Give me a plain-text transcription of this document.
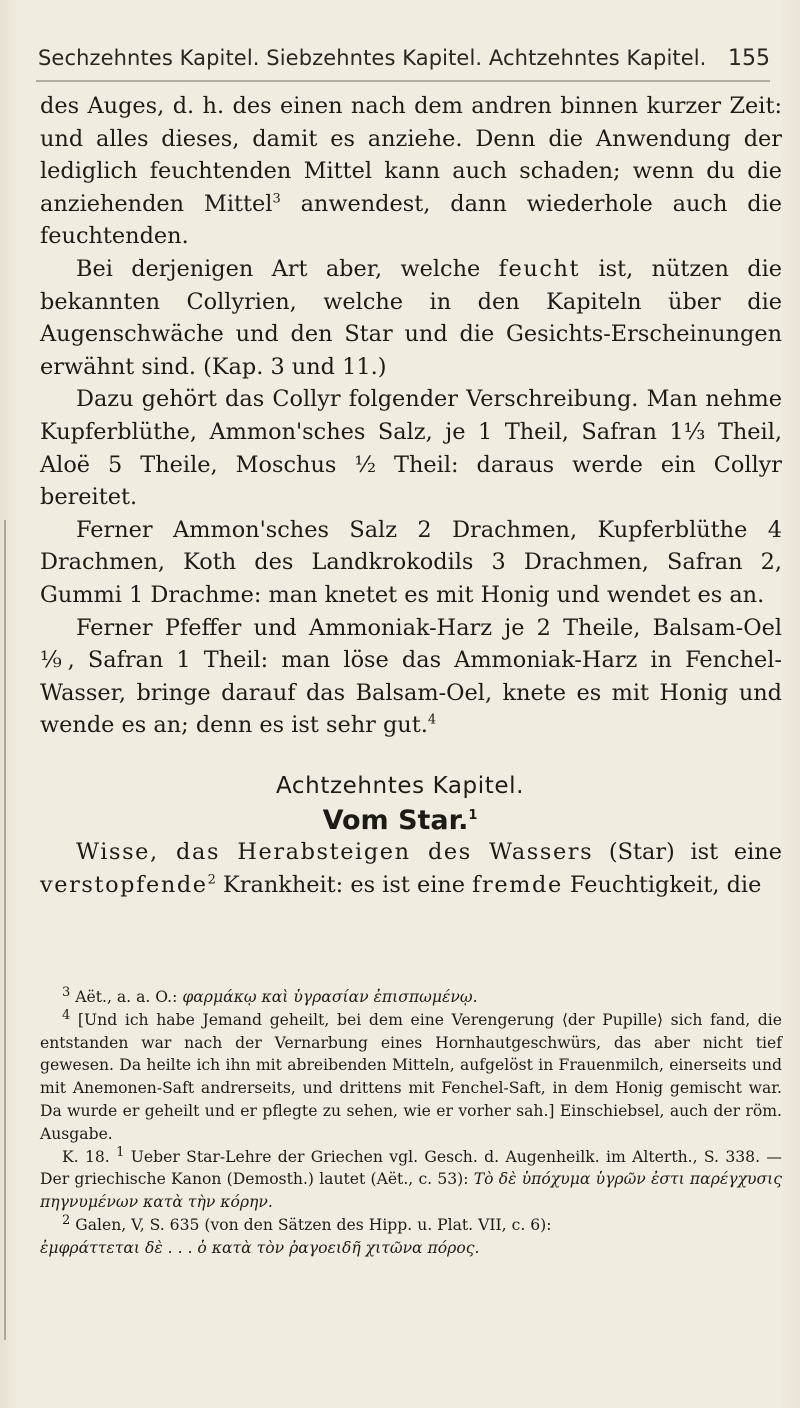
Sechzehntes Kapitel. Siebzehntes Kapitel. Achtzehntes Kapitel. 155

des Auges, d. h. des einen nach dem andren binnen kurzer Zeit: und alles dieses, damit es anziehe. Denn die Anwendung der lediglich feuchtenden Mittel kann auch schaden; wenn du die anziehenden Mittel$^3$ anwendest, dann wiederhole auch die feuchtenden.

Bei derjenigen Art aber, welche feucht ist, nützen die bekannten Collyrien, welche in den Kapiteln über die Augenschwäche und den Star und die Gesichts-Erscheinungen erwähnt sind. (Kap. 3 und 11.)

Dazu gehört das Collyr folgender Verschreibung. Man nehme Kupferblüthe, Ammon'sches Salz, je 1 Theil, Safran 1⅓ Theil, Aloë 5 Theile, Moschus ½ Theil: daraus werde ein Collyr bereitet.

Ferner Ammon'sches Salz 2 Drachmen, Kupferblüthe 4 Drachmen, Koth des Landkrokodils 3 Drachmen, Safran 2, Gummi 1 Drachme: man knetet es mit Honig und wendet es an.

Ferner Pfeffer und Ammoniak-Harz je 2 Theile, Balsam-Oel ⅑, Safran 1 Theil: man löse das Ammoniak-Harz in Fenchel-Wasser, bringe darauf das Balsam-Oel, knete es mit Honig und wende es an; denn es ist sehr gut.$^4$

Achtzehntes Kapitel.
Vom Star.$^1$

Wisse, das Herabsteigen des Wassers (Star) ist eine verstopfende$^2$ Krankheit: es ist eine fremde Feuchtigkeit, die

$^3$ Aët., a. a. O.: φαρμάκῳ καὶ ὑγρασίαν ἐπισπωμένῳ.

$^4$ [Und ich habe Jemand geheilt, bei dem eine Verengerung ⟨der Pupille⟩ sich fand, die entstanden war nach der Vernarbung eines Hornhautgeschwürs, das aber nicht tief gewesen. Da heilte ich ihn mit abreibenden Mitteln, aufgelöst in Frauenmilch, einerseits und mit Anemonen-Saft andrerseits, und drittens mit Fenchel-Saft, in dem Honig gemischt war. Da wurde er geheilt und er pflegte zu sehen, wie er vorher sah.] Einschiebsel, auch der röm. Ausgabe.

K. 18. $^1$ Ueber Star-Lehre der Griechen vgl. Gesch. d. Augenheilk. im Alterth., S. 338. — Der griechische Kanon (Demosth.) lautet (Aët., c. 53): Τὸ δὲ ὑπόχυμα ὑγρῶν ἐστι παρέγχυσις πηγνυμένων κατὰ τὴν κόρην.

$^2$ Galen, V, S. 635 (von den Sätzen des Hipp. u. Plat. VII, c. 6):

ἐμφράττεται δὲ . . . ὁ κατὰ τὸν ῥαγοειδῆ χιτῶνα πόρος.
